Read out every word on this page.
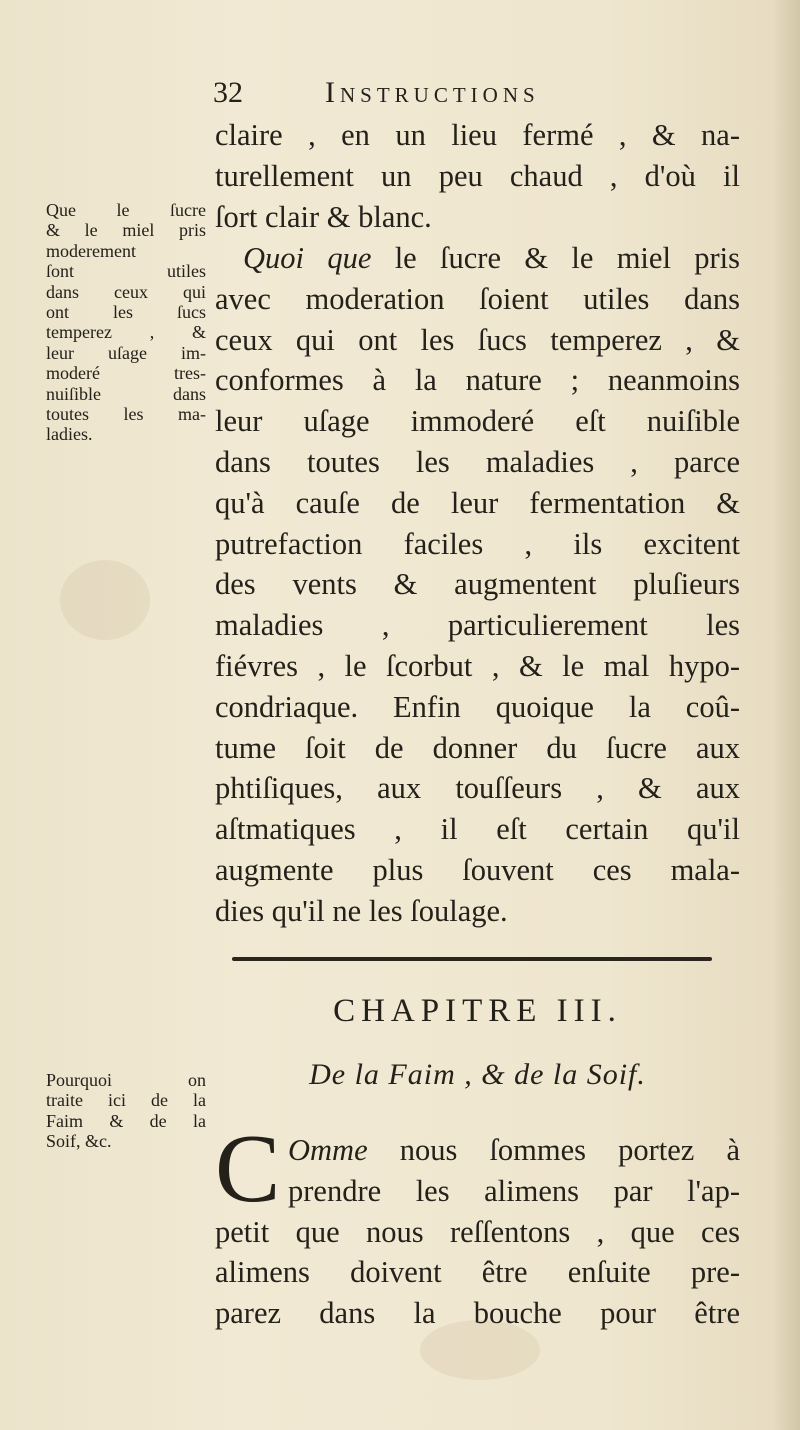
32	Instructions
Que le ſucre
& le miel pris
moderement
ſont utiles
dans ceux qui
ont les ſucs
temperez , &
leur uſage im-
moderé tres-
nuiſible dans
toutes les ma-
ladies.
claire , en un lieu fermé , & na-
turellement un peu chaud , d'où il
ſort clair & blanc.
Quoi que le ſucre & le miel pris
avec moderation ſoient utiles dans
ceux qui ont les ſucs temperez , &
conformes à la nature ; neanmoins
leur uſage immoderé eſt nuiſible
dans toutes les maladies , parce
qu'à cauſe de leur fermentation &
putrefaction faciles , ils excitent
des vents & augmentent pluſieurs
maladies , particulierement les
fiévres , le ſcorbut , & le mal hypo-
condriaque. Enfin quoique la coû-
tume ſoit de donner du ſucre aux
phtiſiques, aux touſſeurs , & aux
aſtmatiques , il eſt certain qu'il
augmente plus ſouvent ces mala-
dies qu'il ne les ſoulage.
CHAPITRE III.
De la Faim , & de la Soif.
Pourquoi on
traite ici de la
Faim & de la
Soif, &c.	C Omme nous ſommes portez à
prendre les alimens par l'ap-
petit que nous reſſentons , que ces
alimens doivent être enſuite pre-
parez dans la bouche pour être
